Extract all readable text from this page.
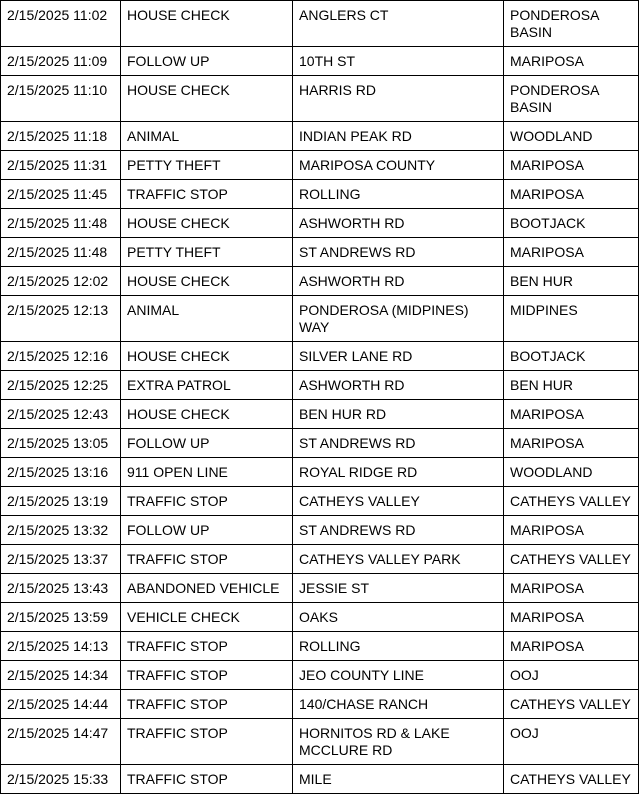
2/15/2025 11:02	HOUSE CHECK	ANGLERS CT	PONDEROSA BASIN
2/15/2025 11:09	FOLLOW UP	10TH ST	MARIPOSA
2/15/2025 11:10	HOUSE CHECK	HARRIS RD	PONDEROSA BASIN
2/15/2025 11:18	ANIMAL	INDIAN PEAK RD	WOODLAND
2/15/2025 11:31	PETTY THEFT	MARIPOSA COUNTY	MARIPOSA
2/15/2025 11:45	TRAFFIC STOP	ROLLING	MARIPOSA
2/15/2025 11:48	HOUSE CHECK	ASHWORTH RD	BOOTJACK
2/15/2025 11:48	PETTY THEFT	ST ANDREWS RD	MARIPOSA
2/15/2025 12:02	HOUSE CHECK	ASHWORTH RD	BEN HUR
2/15/2025 12:13	ANIMAL	PONDEROSA (MIDPINES) WAY	MIDPINES
2/15/2025 12:16	HOUSE CHECK	SILVER LANE RD	BOOTJACK
2/15/2025 12:25	EXTRA PATROL	ASHWORTH RD	BEN HUR
2/15/2025 12:43	HOUSE CHECK	BEN HUR RD	MARIPOSA
2/15/2025 13:05	FOLLOW UP	ST ANDREWS RD	MARIPOSA
2/15/2025 13:16	911 OPEN LINE	ROYAL RIDGE RD	WOODLAND
2/15/2025 13:19	TRAFFIC STOP	CATHEYS VALLEY	CATHEYS VALLEY
2/15/2025 13:32	FOLLOW UP	ST ANDREWS RD	MARIPOSA
2/15/2025 13:37	TRAFFIC STOP	CATHEYS VALLEY PARK	CATHEYS VALLEY
2/15/2025 13:43	ABANDONED VEHICLE	JESSIE ST	MARIPOSA
2/15/2025 13:59	VEHICLE CHECK	OAKS	MARIPOSA
2/15/2025 14:13	TRAFFIC STOP	ROLLING	MARIPOSA
2/15/2025 14:34	TRAFFIC STOP	JEO COUNTY LINE	OOJ
2/15/2025 14:44	TRAFFIC STOP	140/CHASE RANCH	CATHEYS VALLEY
2/15/2025 14:47	TRAFFIC STOP	HORNITOS RD & LAKE MCCLURE RD	OOJ
2/15/2025 15:33	TRAFFIC STOP	MILE	CATHEYS VALLEY
